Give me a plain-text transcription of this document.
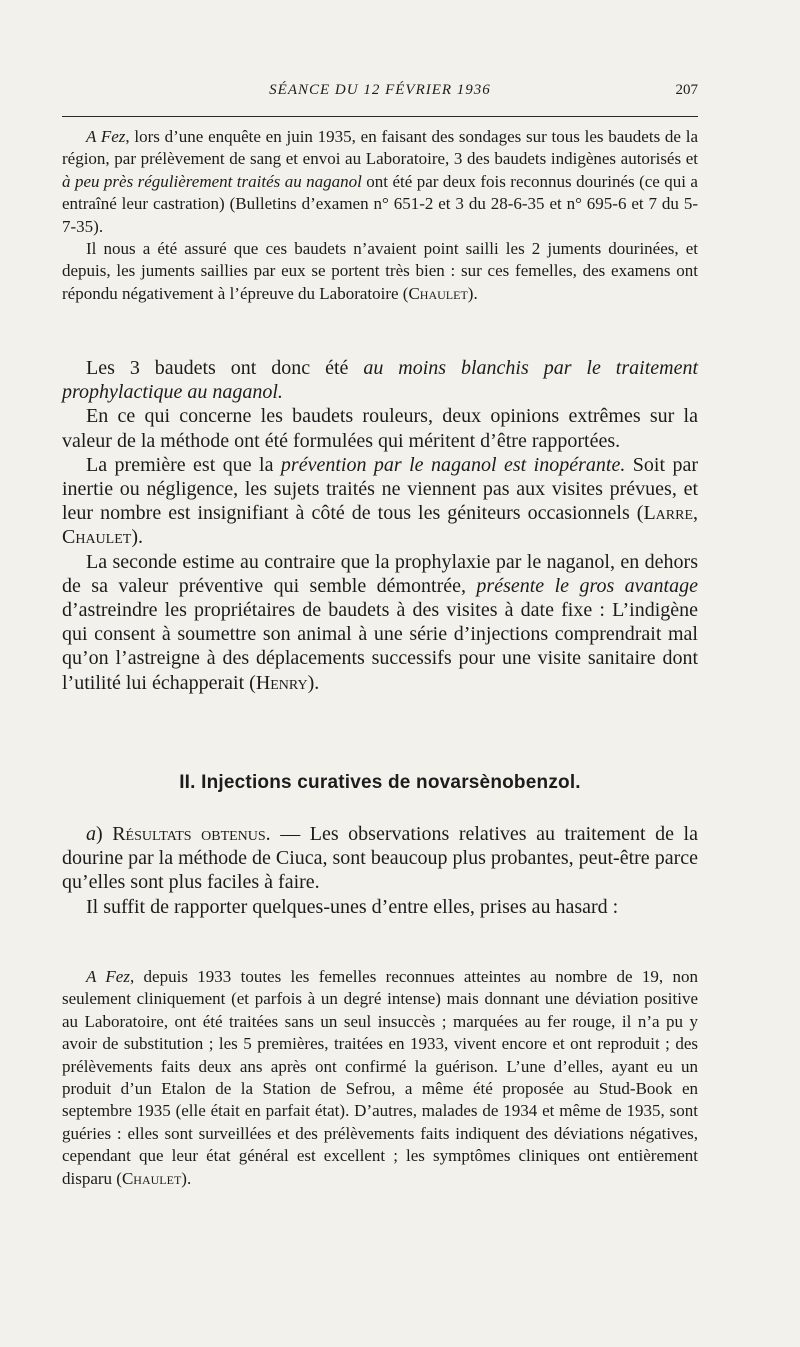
SÉANCE DU 12 FÉVRIER 1936	207

A Fez, lors d’une enquête en juin 1935, en faisant des sondages sur tous les baudets de la région, par prélèvement de sang et envoi au Laboratoire, 3 des baudets indigènes autorisés et à peu près régulièrement traités au naganol ont été par deux fois reconnus dourinés (ce qui a entraîné leur castration) (Bulletins d’examen n° 651-2 et 3 du 28-6-35 et n° 695-6 et 7 du 5-7-35).

Il nous a été assuré que ces baudets n’avaient point sailli les 2 juments dourinées, et depuis, les juments saillies par eux se portent très bien : sur ces femelles, des examens ont répondu négativement à l’épreuve du Laboratoire (Chaulet).

Les 3 baudets ont donc été au moins blanchis par le traitement prophylactique au naganol.

En ce qui concerne les baudets rouleurs, deux opinions extrêmes sur la valeur de la méthode ont été formulées qui méritent d’être rapportées.

La première est que la prévention par le naganol est inopérante. Soit par inertie ou négligence, les sujets traités ne viennent pas aux visites prévues, et leur nombre est insignifiant à côté de tous les géniteurs occasionnels (Larre, Chaulet).

La seconde estime au contraire que la prophylaxie par le naganol, en dehors de sa valeur préventive qui semble démontrée, présente le gros avantage d’astreindre les propriétaires de baudets à des visites à date fixe : L’indigène qui consent à soumettre son animal à une série d’injections comprendrait mal qu’on l’astreigne à des déplacements successifs pour une visite sanitaire dont l’utilité lui échapperait (Henry).

II. Injections curatives de novarsènobenzol.

a) Résultats obtenus. — Les observations relatives au traitement de la dourine par la méthode de Ciuca, sont beaucoup plus probantes, peut-être parce qu’elles sont plus faciles à faire.

Il suffit de rapporter quelques-unes d’entre elles, prises au hasard :

A Fez, depuis 1933 toutes les femelles reconnues atteintes au nombre de 19, non seulement cliniquement (et parfois à un degré intense) mais donnant une déviation positive au Laboratoire, ont été traitées sans un seul insuccès ; marquées au fer rouge, il n’a pu y avoir de substitution ; les 5 premières, traitées en 1933, vivent encore et ont reproduit ; des prélèvements faits deux ans après ont confirmé la guérison. L’une d’elles, ayant eu un produit d’un Etalon de la Station de Sefrou, a même été proposée au Stud-Book en septembre 1935 (elle était en parfait état). D’autres, malades de 1934 et même de 1935, sont guéries : elles sont surveillées et des prélèvements faits indiquent des déviations négatives, cependant que leur état général est excellent ; les symptômes cliniques ont entièrement disparu (Chaulet).
